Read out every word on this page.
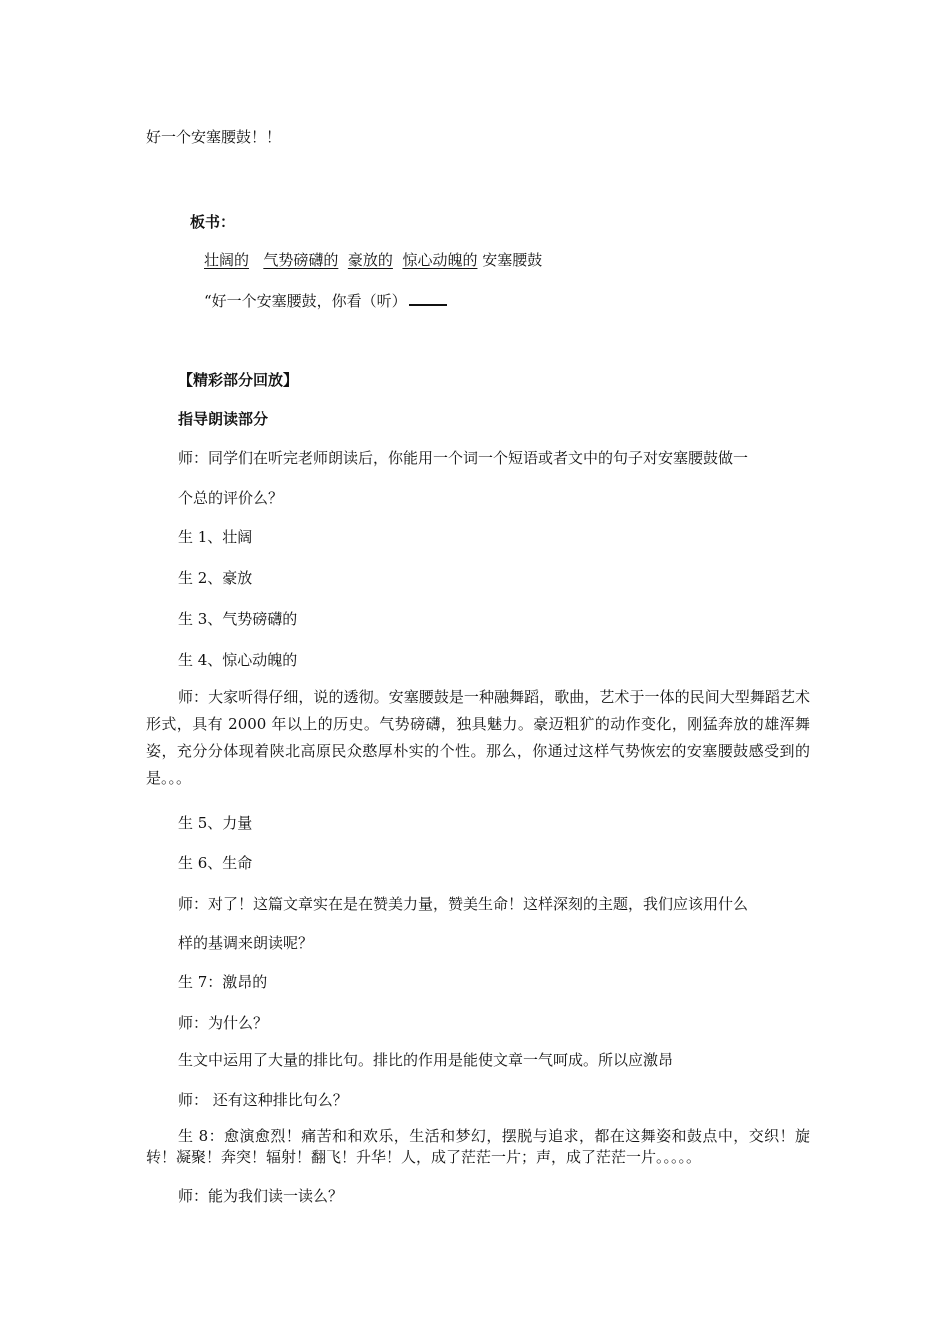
好一个安塞腰鼓！！
板书：
壮阔的 气势磅礴的 豪放的 惊心动魄的 安塞腰鼓
“好一个安塞腰鼓，你看（听）
【精彩部分回放】
指导朗读部分
师：同学们在听完老师朗读后，你能用一个词一个短语或者文中的句子对安塞腰鼓做一
个总的评价么？
生 1、壮阔
生 2、豪放
生 3、气势磅礴的
生 4、惊心动魄的
师：大家听得仔细，说的透彻。安塞腰鼓是一种融舞蹈，歌曲，艺术于一体的民间大型舞蹈艺术形式，具有 2000 年以上的历史。气势磅礴，独具魅力。豪迈粗犷的动作变化，刚猛奔放的雄浑舞姿，充分分体现着陕北高原民众憨厚朴实的个性。那么，你通过这样气势恢宏的安塞腰鼓感受到的是。。。
生 5、力量
生 6、生命
师：对了！这篇文章实在是在赞美力量，赞美生命！这样深刻的主题，我们应该用什么
样的基调来朗读呢？
生 7：激昂的
师：为什么？
生文中运用了大量的排比句。排比的作用是能使文章一气呵成。所以应激昂
师： 还有这种排比句么？
生 8：愈演愈烈！痛苦和和欢乐，生活和梦幻，摆脱与追求，都在这舞姿和鼓点中，交织！旋转！凝聚！奔突！辐射！翻飞！升华！人，成了茫茫一片；声，成了茫茫一片。。。。。
师：能为我们读一读么？
